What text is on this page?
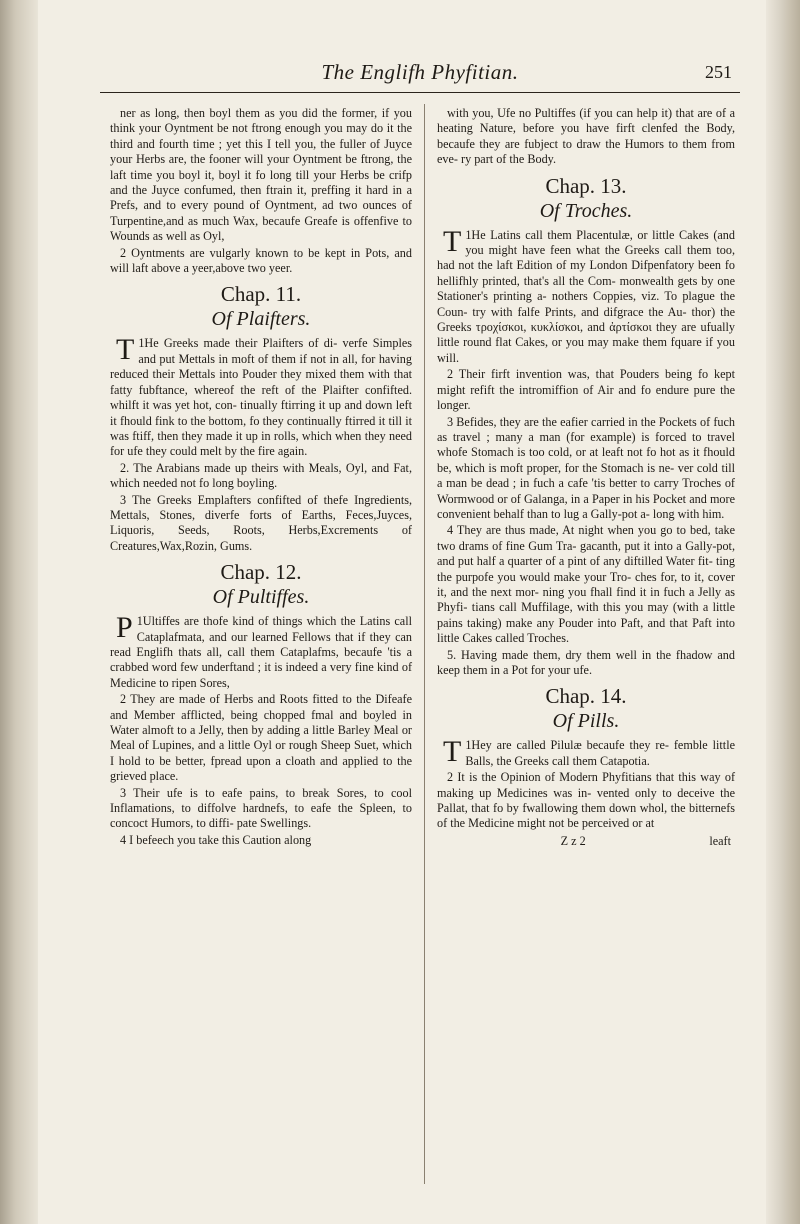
The Englifh Phyfitian.	251

ner as long, then boyl them as you did the former, if you think your Oyntment be not ftrong enough you may do it the third and fourth time ; yet this I tell you, the fuller of Juyce your Herbs are, the fooner will your Oyntment be ftrong, the laft time you boyl it, boyl it fo long till your Herbs be crifp and the Juyce confumed, then ftrain it, preffing it hard in a Prefs, and to every pound of Oyntment, ad two ounces of Turpentine,and as much Wax, becaufe Greafe is offenfive to Wounds as well as Oyl,

2 Oyntments are vulgarly known to be kept in Pots, and will laft above a yeer,above two yeer.

Chap. 11.
Of Plaifters.

1
T He Greeks made their Plaifters of di- verfe Simples and put Mettals in moft of them if not in all, for having reduced their Mettals into Pouder they mixed them with that fatty fubftance, whereof the reft of the Plaifter confifted. whilft it was yet hot, con- tinually ftirring it up and down left it fhould fink to the bottom, fo they continually ftirred it till it was ftiff, then they made it up in rolls, which when they need for ufe they could melt by the fire again.

2. The Arabians made up theirs with Meals, Oyl, and Fat, which needed not fo long boyling.

3 The Greeks Emplafters confifted of thefe Ingredients, Mettals, Stones, diverfe forts of Earths, Feces,Juyces, Liquoris, Seeds, Roots, Herbs,Excrements of Creatures,Wax,Rozin, Gums.

Chap. 12.
Of Pultiffes.

1
P Ultiffes are thofe kind of things which the Latins call Cataplafmata, and our learned Fellows that if they can read Englifh thats all, call them Cataplafms, becaufe 'tis a crabbed word few underftand ; it is indeed a very fine kind of Medicine to ripen Sores,

2 They are made of Herbs and Roots fitted to the Difeafe and Member afflicted, being chopped fmal and boyled in Water almoft to a Jelly, then by adding a little Barley Meal or Meal of Lupines, and a little Oyl or rough Sheep Suet, which I hold to be better, fpread upon a cloath and applied to the grieved place.

3 Their ufe is to eafe pains, to break Sores, to cool Inflamations, to diffolve hardnefs, to eafe the Spleen, to concoct Humors, to diffi- pate Swellings.

4 I befeech you take this Caution along

with you, Ufe no Pultiffes (if you can help it) that are of a heating Nature, before you have firft clenfed the Body, becaufe they are fubject to draw the Humors to them from eve- ry part of the Body.

Chap. 13.
Of Troches.

1
T He Latins call them Placentulæ, or little Cakes (and you might have feen what the Greeks call them too, had not the laft Edition of my London Difpenfatory been fo hellifhly printed, that's all the Com- monwealth gets by one Stationer's printing a- nothers Coppies, viz. To plague the Coun- try with falfe Prints, and difgrace the Au- thor) the Greeks τροχίσκοι, κυκλίσκοι, and ἀρτίσκοι they are ufually little round flat Cakes, or you may make them fquare if you will.

2 Their firft invention was, that Pouders being fo kept might refift the intromiffion of Air and fo endure pure the longer.

3 Befides, they are the eafier carried in the Pockets of fuch as travel ; many a man (for example) is forced to travel whofe Stomach is too cold, or at leaft not fo hot as it fhould be, which is moft proper, for the Stomach is ne- ver cold till a man be dead ; in fuch a cafe 'tis better to carry Troches of Wormwood or of Galanga, in a Paper in his Pocket and more convenient behalf than to lug a Gally-pot a- long with him.

4 They are thus made, At night when you go to bed, take two drams of fine Gum Tra- gacanth, put it into a Gally-pot, and put half a quarter of a pint of any diftilled Water fit- ting the purpofe you would make your Tro- ches for, to it, cover it, and the next mor- ning you fhall find it in fuch a Jelly as Phyfi- tians call Muffilage, with this you may (with a little pains taking) make any Pouder into Paft, and that Paft into little Cakes called Troches.

5. Having made them, dry them well in the fhadow and keep them in a Pot for your ufe.

Chap. 14.
Of Pills.

1
T Hey are called Pilulæ becaufe they re- femble little Balls, the Greeks call them Catapotia.

2 It is the Opinion of Modern Phyfitians that this way of making up Medicines was in- vented only to deceive the Pallat, that fo by fwallowing them down whol, the bitternefs of the Medicine might not be perceived or at

leaft
Z z 2
